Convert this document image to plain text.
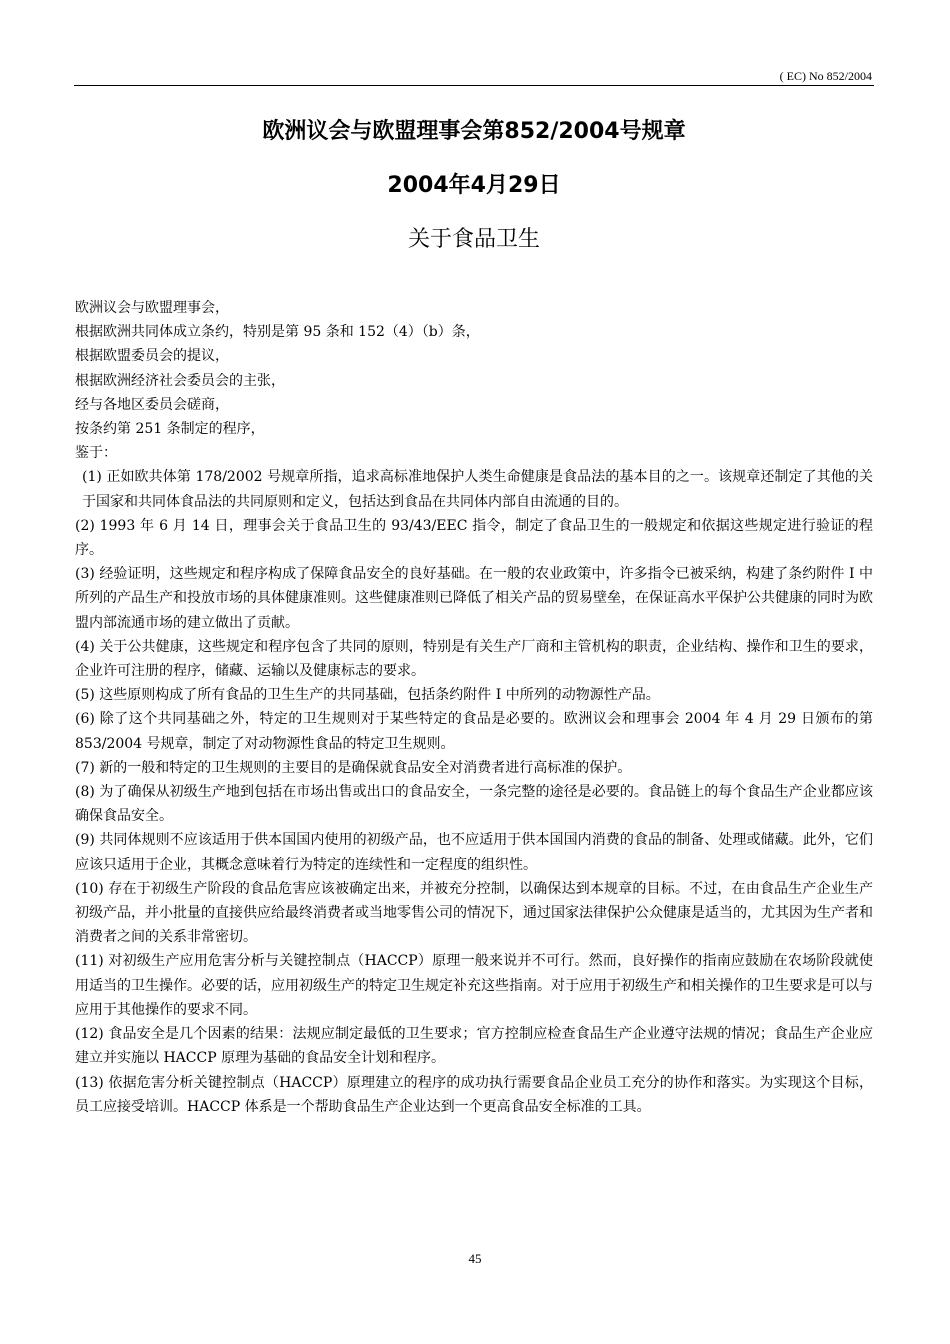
( EC) No 852/2004
欧洲议会与欧盟理事会第852/2004号规章
2004年4月29日
关于食品卫生
欧洲议会与欧盟理事会，
根据欧洲共同体成立条约，特别是第 95 条和 152（4）（b）条，
根据欧盟委员会的提议，
根据欧洲经济社会委员会的主张，
经与各地区委员会磋商，
按条约第 251 条制定的程序，
鉴于：
(1) 正如欧共体第 178/2002 号规章所指，追求高标准地保护人类生命健康是食品法的基本目的之一。该规章还制定了其他的关于国家和共同体食品法的共同原则和定义，包括达到食品在共同体内部自由流通的目的。
(2) 1993 年 6 月 14 日，理事会关于食品卫生的 93/43/EEC 指令，制定了食品卫生的一般规定和依据这些规定进行验证的程序。
(3) 经验证明，这些规定和程序构成了保障食品安全的良好基础。在一般的农业政策中，许多指令已被采纳，构建了条约附件 I 中所列的产品生产和投放市场的具体健康准则。这些健康准则已降低了相关产品的贸易壁垒，在保证高水平保护公共健康的同时为欧盟内部流通市场的建立做出了贡献。
(4) 关于公共健康，这些规定和程序包含了共同的原则，特别是有关生产厂商和主管机构的职责，企业结构、操作和卫生的要求，企业许可注册的程序，储藏、运输以及健康标志的要求。
(5) 这些原则构成了所有食品的卫生生产的共同基础，包括条约附件 I 中所列的动物源性产品。
(6) 除了这个共同基础之外，特定的卫生规则对于某些特定的食品是必要的。欧洲议会和理事会 2004 年 4 月 29 日颁布的第 853/2004 号规章，制定了对动物源性食品的特定卫生规则。
(7) 新的一般和特定的卫生规则的主要目的是确保就食品安全对消费者进行高标准的保护。
(8) 为了确保从初级生产地到包括在市场出售或出口的食品安全，一条完整的途径是必要的。食品链上的每个食品生产企业都应该确保食品安全。
(9) 共同体规则不应该适用于供本国国内使用的初级产品，也不应适用于供本国国内消费的食品的制备、处理或储藏。此外，它们应该只适用于企业，其概念意味着行为特定的连续性和一定程度的组织性。
(10) 存在于初级生产阶段的食品危害应该被确定出来，并被充分控制，以确保达到本规章的目标。不过，在由食品生产企业生产初级产品，并小批量的直接供应给最终消费者或当地零售公司的情况下，通过国家法律保护公众健康是适当的，尤其因为生产者和消费者之间的关系非常密切。
(11) 对初级生产应用危害分析与关键控制点（HACCP）原理一般来说并不可行。然而，良好操作的指南应鼓励在农场阶段就使用适当的卫生操作。必要的话，应用初级生产的特定卫生规定补充这些指南。对于应用于初级生产和相关操作的卫生要求是可以与应用于其他操作的要求不同。
(12) 食品安全是几个因素的结果：法规应制定最低的卫生要求；官方控制应检查食品生产企业遵守法规的情况；食品生产企业应建立并实施以 HACCP 原理为基础的食品安全计划和程序。
(13) 依据危害分析关键控制点（HACCP）原理建立的程序的成功执行需要食品企业员工充分的协作和落实。为实现这个目标，员工应接受培训。HACCP 体系是一个帮助食品生产企业达到一个更高食品安全标准的工具。
45
